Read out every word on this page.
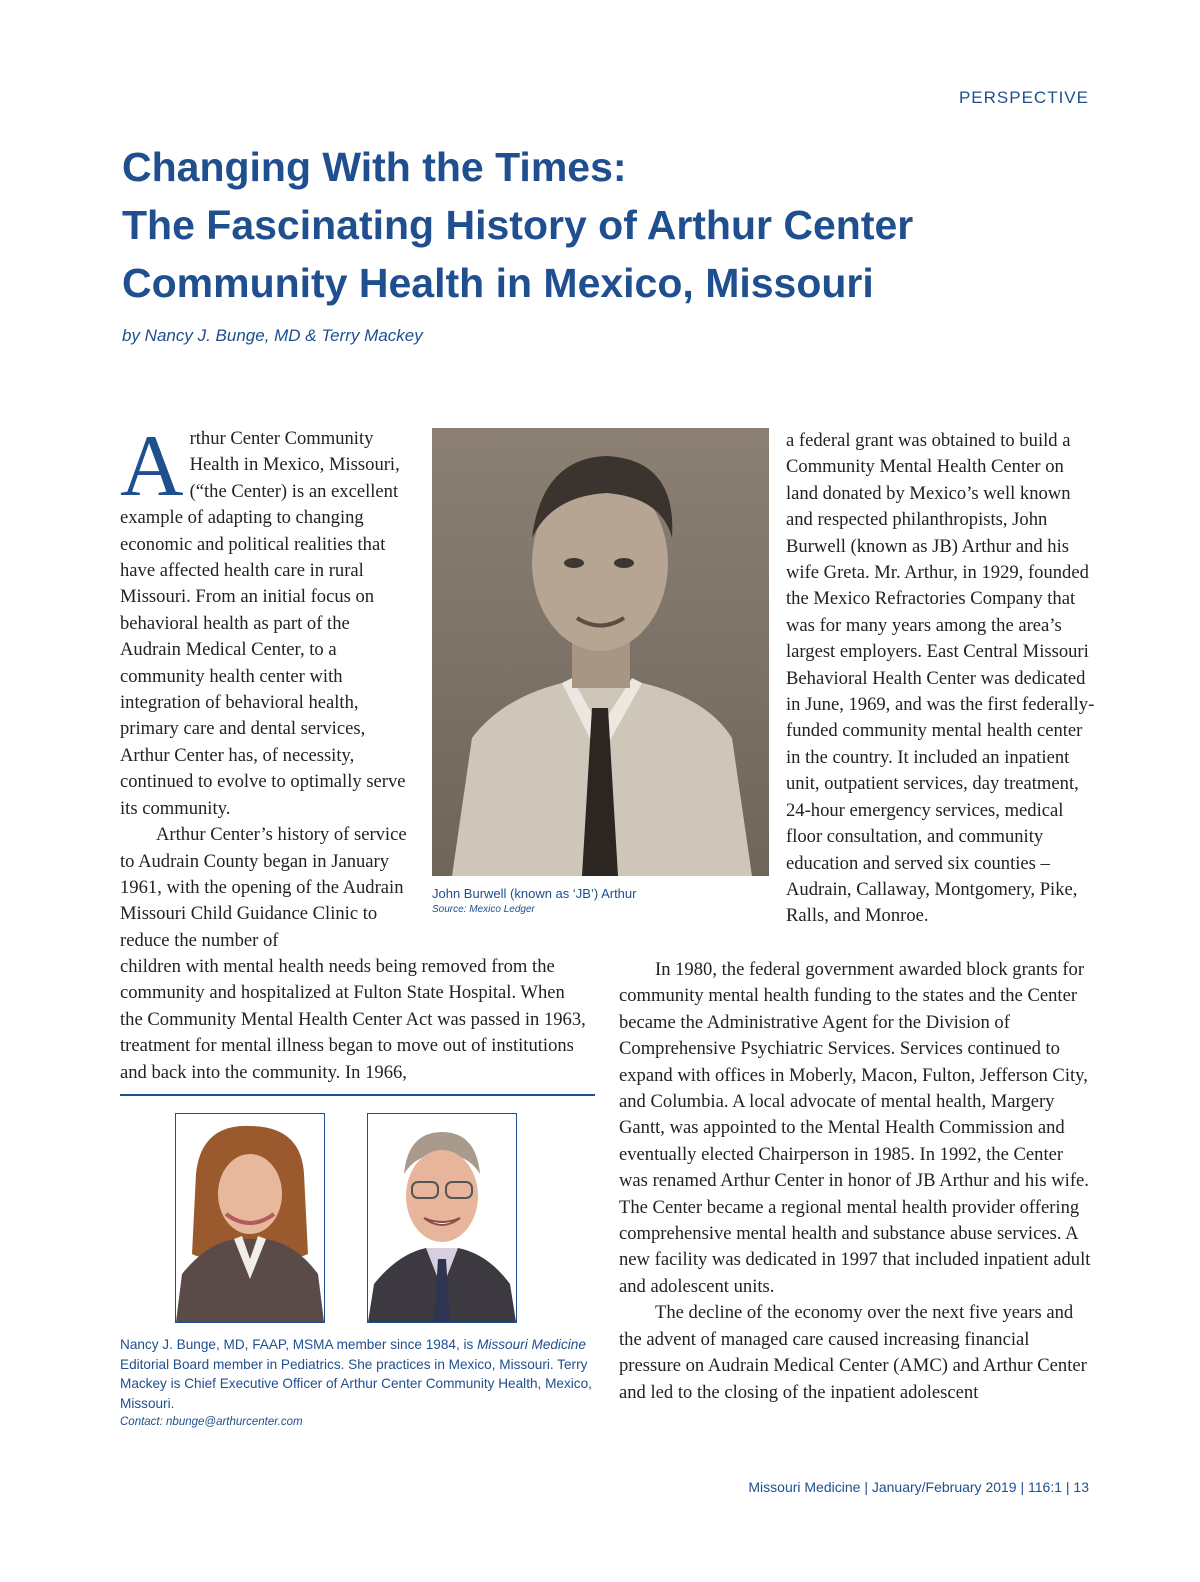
PERSPECTIVE
Changing With the Times:
The Fascinating History of Arthur Center
Community Health in Mexico, Missouri
by Nancy J. Bunge, MD & Terry Mackey

Arthur Center Community Health in Mexico, Missouri, (“the Center) is an excellent example of adapting to changing economic and political realities that have affected health care in rural Missouri. From an initial focus on behavioral health as part of the Audrain Medical Center, to a community health center with integration of behavioral health, primary care and dental services, Arthur Center has, of necessity, continued to evolve to optimally serve its community.

Arthur Center’s history of service to Audrain County began in January 1961, with the opening of the Audrain Missouri Child Guidance Clinic to reduce the number of

children with mental health needs being removed from the community and hospitalized at Fulton State Hospital. When the Community Mental Health Center Act was passed in 1963, treatment for mental illness began to move out of institutions and back into the community. In 1966,

John Burwell (known as ‘JB’) Arthur
Source: Mexico Ledger

a federal grant was obtained to build a Community Mental Health Center on land donated by Mexico’s well known and respected philanthropists, John Burwell (known as JB) Arthur and his wife Greta. Mr. Arthur, in 1929, founded the Mexico Refractories Company that was for many years among the area’s largest employers. East Central Missouri Behavioral Health Center was dedicated in June, 1969, and was the first federally-funded community mental health center in the country. It included an inpatient unit, outpatient services, day treatment, 24-hour emergency services, medical floor consultation, and community education and served six counties – Audrain, Callaway, Montgomery, Pike, Ralls, and Monroe.

In 1980, the federal government awarded block grants for community mental health funding to the states and the Center became the Administrative Agent for the Division of Comprehensive Psychiatric Services. Services continued to expand with offices in Moberly, Macon, Fulton, Jefferson City, and Columbia. A local advocate of mental health, Margery Gantt, was appointed to the Mental Health Commission and eventually elected Chairperson in 1985. In 1992, the Center was renamed Arthur Center in honor of JB Arthur and his wife. The Center became a regional mental health provider offering comprehensive mental health and substance abuse services. A new facility was dedicated in 1997 that included inpatient adult and adolescent units.

The decline of the economy over the next five years and the advent of managed care caused increasing financial pressure on Audrain Medical Center (AMC) and Arthur Center and led to the closing of the inpatient adolescent

Nancy J. Bunge, MD, FAAP, MSMA member since 1984, is Missouri Medicine Editorial Board member in Pediatrics. She practices in Mexico, Missouri. Terry Mackey is Chief Executive Officer of Arthur Center Community Health, Mexico, Missouri.
Contact: nbunge@arthurcenter.com
Missouri Medicine | January/February 2019 | 116:1 | 13
